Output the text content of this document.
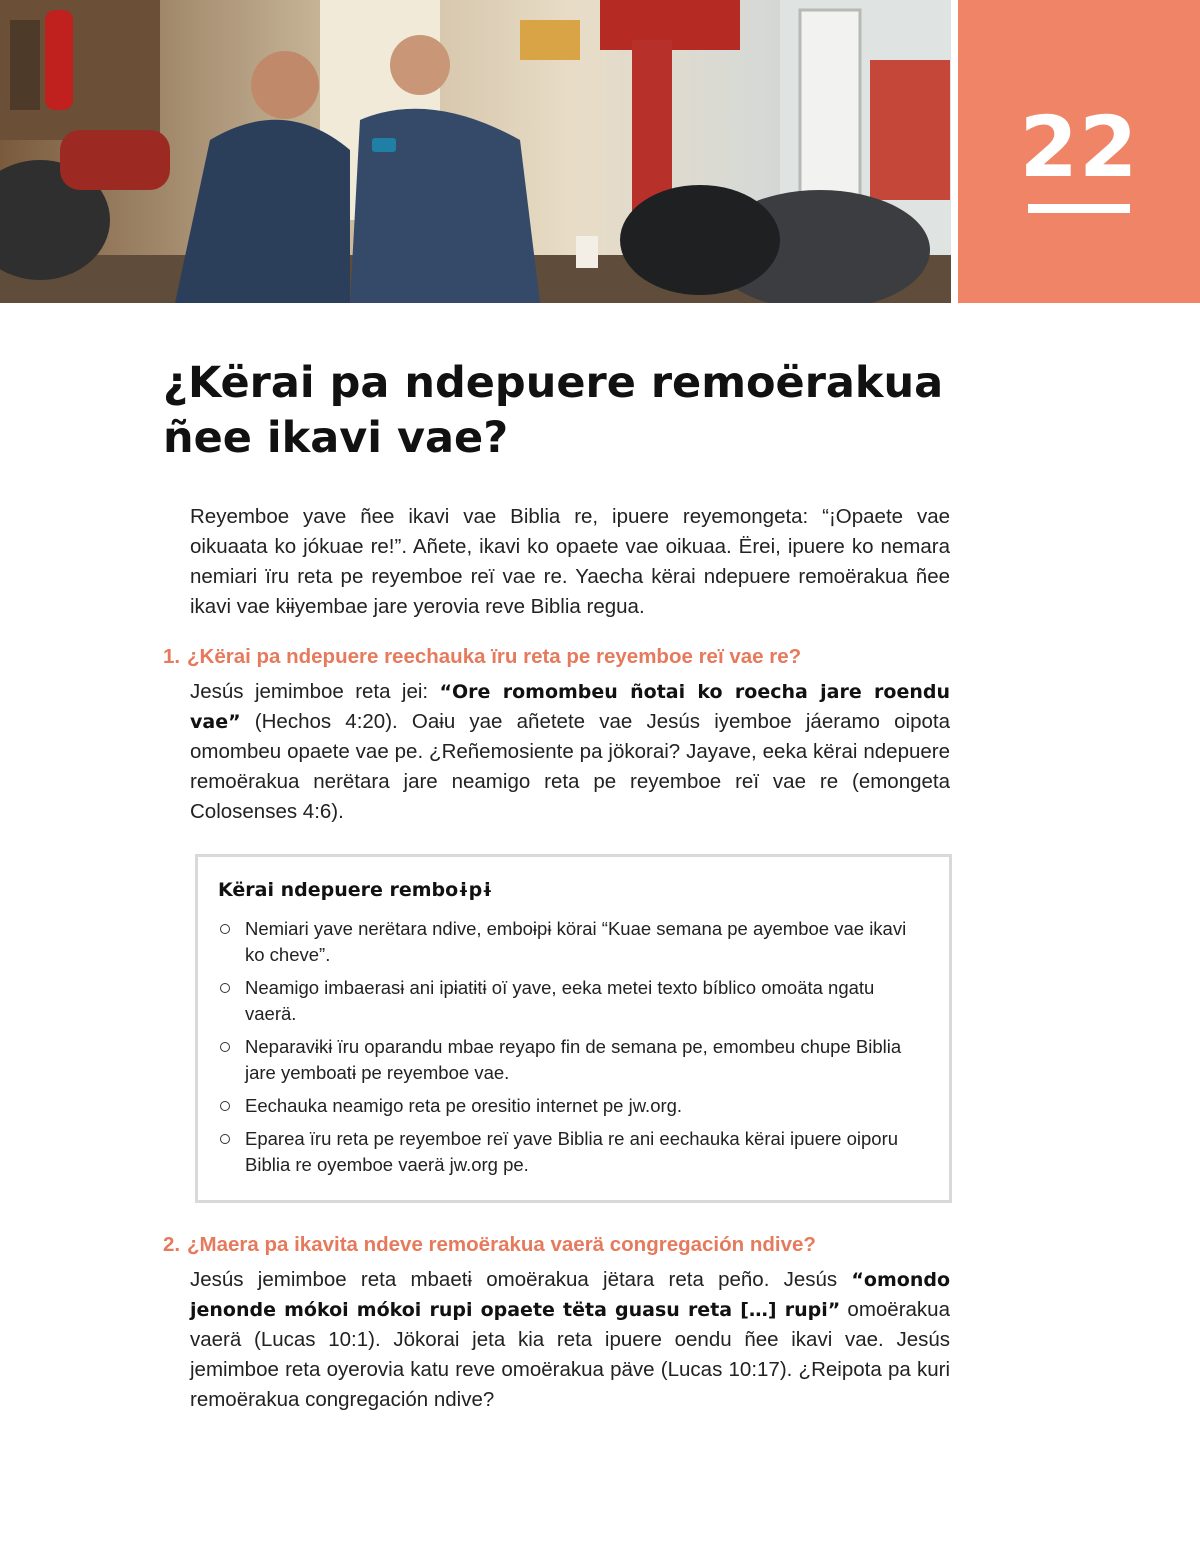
22
¿Kërai pa ndepuere remoërakua ñee ikavi vae?

Reyemboe yave ñee ikavi vae Biblia re, ipuere reyemongeta: “¡Opaete vae oikuaata ko jókuae re!”. Añete, ikavi ko opaete vae oikuaa. Ërei, ipuere ko nemara nemiari ïru reta pe reyemboe reï vae re. Yaecha kërai ndepuere remoërakua ñee ikavi vae kɨɨyembae jare yerovia reve Biblia regua.

1. ¿Kërai pa ndepuere reechauka ïru reta pe reyemboe reï vae re?

Jesús jemimboe reta jei: “Ore romombeu ñotai ko roecha jare roendu vae” (Hechos 4:20). Oaɨu yae añetete vae Jesús iyemboe jáeramo oipota omombeu opaete vae pe. ¿Reñemosiente pa jökorai? Jayave, eeka kërai ndepuere remoërakua nerëtara jare neamigo reta pe reyemboe reï vae re (emongeta Colosenses 4:6).

Kërai ndepuere remboɨpɨ
Nemiari yave nerëtara ndive, emboɨpɨ körai “Kuae semana pe ayemboe vae ikavi ko cheve”.
Neamigo imbaerasɨ ani ipɨatɨtɨ oï yave, eeka metei texto bíblico omoäta ngatu vaerä.
Neparavɨkɨ ïru oparandu mbae reyapo fin de semana pe, emombeu chupe Biblia jare yemboatɨ pe reyemboe vae.
Eechauka neamigo reta pe oresitio internet pe jw.org.
Eparea ïru reta pe reyemboe reï yave Biblia re ani eechauka kërai ipuere oiporu Biblia re oyemboe vaerä jw.org pe.

2. ¿Maera pa ikavita ndeve remoërakua vaerä congregación ndive?

Jesús jemimboe reta mbaetɨ omoërakua jëtara reta peño. Jesús “omondo jenonde mókoi mókoi rupi opaete tëta guasu reta […] rupi” omoërakua vaerä (Lucas 10:1). Jökorai jeta kia reta ipuere oendu ñee ikavi vae. Jesús jemimboe reta oyerovia katu reve omoërakua päve (Lucas 10:17). ¿Reipota pa kuri remoërakua congregación ndive?
